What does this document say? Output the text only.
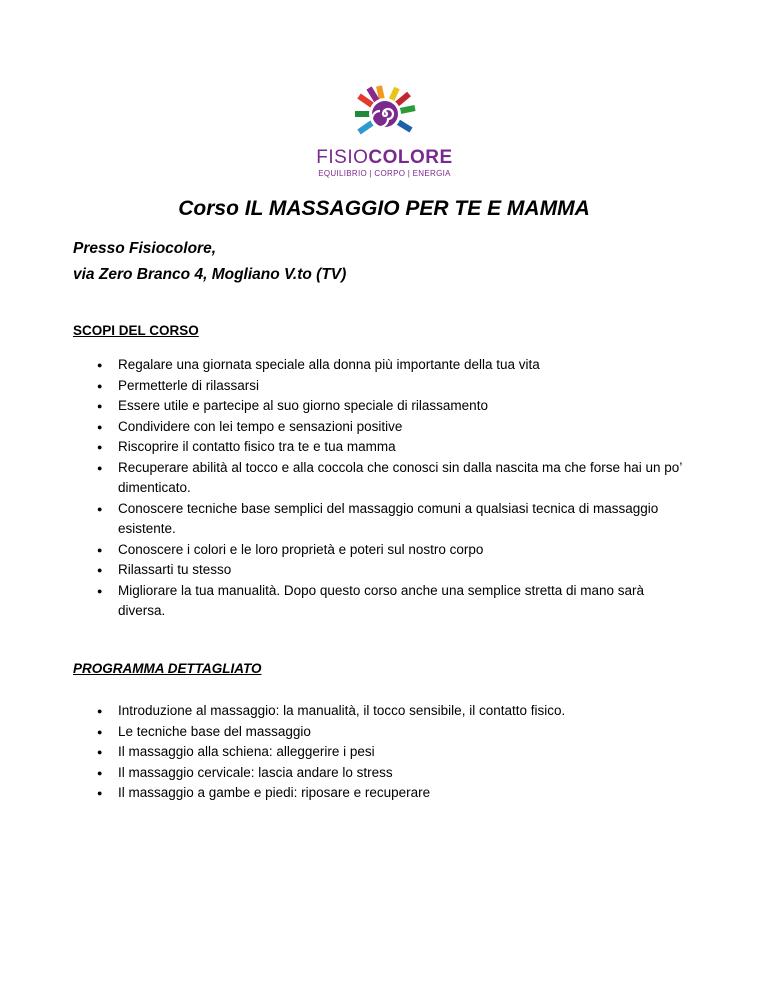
FISIOCOLORE
EQUILIBRIO | CORPO | ENERGIA
Corso IL MASSAGGIO PER TE E MAMMA
Presso Fisiocolore,
via Zero Branco 4, Mogliano V.to (TV)
SCOPI DEL CORSO
● Regalare una giornata speciale alla donna più importante della tua vita
● Permetterle di rilassarsi
● Essere utile e partecipe al suo giorno speciale di rilassamento
● Condividere con lei tempo e sensazioni positive
● Riscoprire il contatto fisico tra te e tua mamma
● Recuperare abilità al tocco e alla coccola che conosci sin dalla nascita ma che forse hai un po’ dimenticato.
● Conoscere tecniche base semplici del massaggio comuni a qualsiasi tecnica di massaggio esistente.
● Conoscere i colori e le loro proprietà e poteri sul nostro corpo
● Rilassarti tu stesso
● Migliorare la tua manualità. Dopo questo corso anche una semplice stretta di mano sarà diversa.
PROGRAMMA DETTAGLIATO
● Introduzione al massaggio: la manualità, il tocco sensibile, il contatto fisico.
● Le tecniche base del massaggio
● Il massaggio alla schiena: alleggerire i pesi
● Il massaggio cervicale: lascia andare lo stress
● Il massaggio a gambe e piedi: riposare e recuperare
